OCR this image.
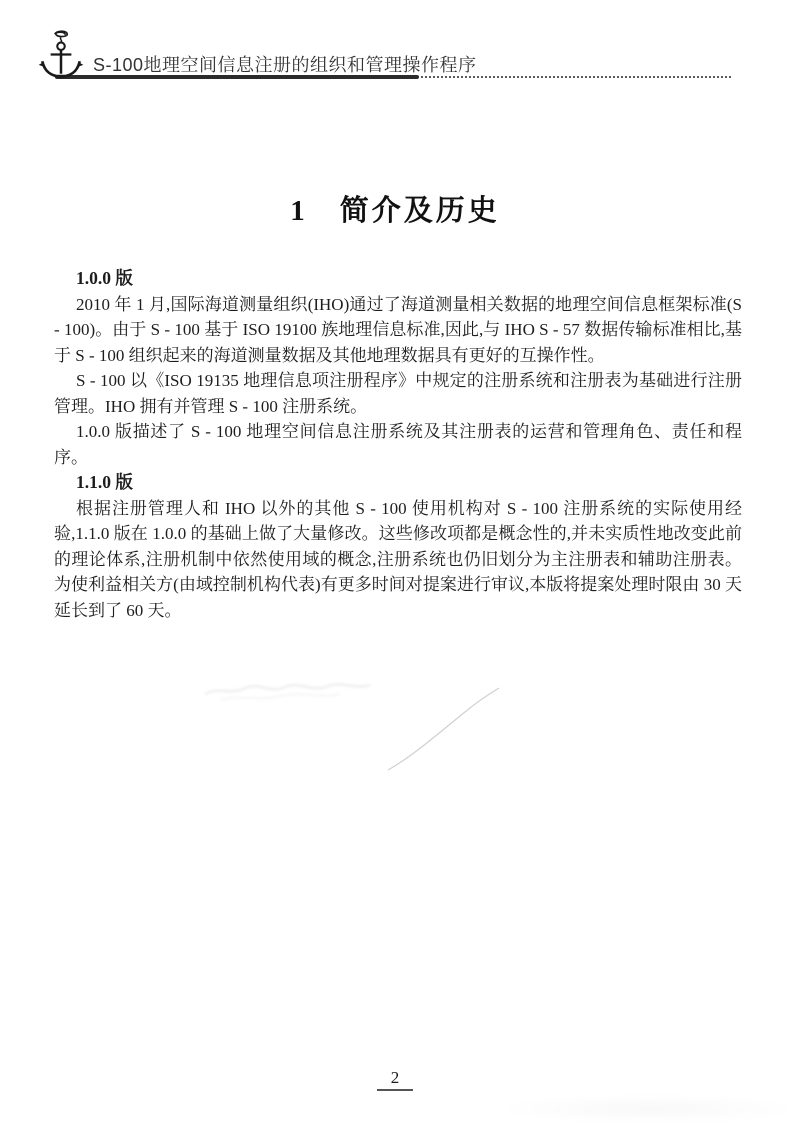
S-100地理空间信息注册的组织和管理操作程序
1　简介及历史
1.0.0 版

2010 年 1 月,国际海道测量组织(IHO)通过了海道测量相关数据的地理空间信息框架标准(S - 100)。由于 S - 100 基于 ISO 19100 族地理信息标准,因此,与 IHO S - 57 数据传输标准相比,基于 S - 100 组织起来的海道测量数据及其他地理数据具有更好的互操作性。

S - 100 以《ISO 19135 地理信息项注册程序》中规定的注册系统和注册表为基础进行注册管理。IHO 拥有并管理 S - 100 注册系统。

1.0.0 版描述了 S - 100 地理空间信息注册系统及其注册表的运营和管理角色、责任和程序。

1.1.0 版

根据注册管理人和 IHO 以外的其他 S - 100 使用机构对 S - 100 注册系统的实际使用经验,1.1.0 版在 1.0.0 的基础上做了大量修改。这些修改项都是概念性的,并未实质性地改变此前的理论体系,注册机制中依然使用域的概念,注册系统也仍旧划分为主注册表和辅助注册表。为使利益相关方(由域控制机构代表)有更多时间对提案进行审议,本版将提案处理时限由 30 天延长到了 60 天。

2
